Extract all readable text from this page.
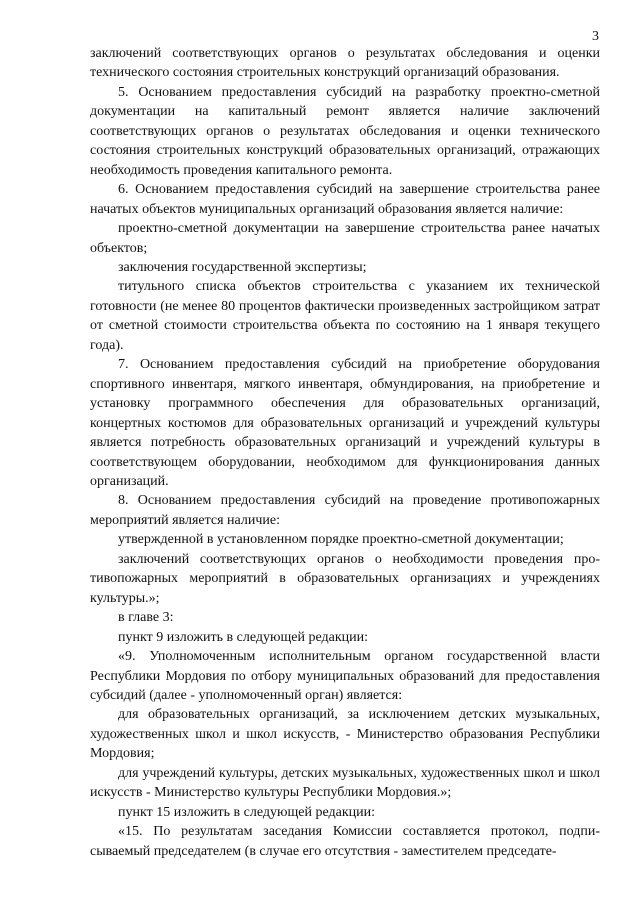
3

заключений соответствующих органов о результатах обследования и оценки технического состояния строительных конструкций организаций образования.

5. Основанием предоставления субсидий на разработку проектно-сметной документации на капитальный ремонт является наличие заключений соответствующих органов о результатах обследования и оценки технического состояния строительных конструкций образовательных организаций, отражающих необходимость проведения капитального ремонта.

6. Основанием предоставления субсидий на завершение строительства ранее начатых объектов муниципальных организаций образования является наличие:

проектно-сметной документации на завершение строительства ранее начатых объектов;

заключения государственной экспертизы;

титульного списка объектов строительства с указанием их технической готовности (не менее 80 процентов фактически произведенных застройщиком затрат от сметной стоимости строительства объекта по состоянию на 1 января текущего года).

7. Основанием предоставления субсидий на приобретение оборудования спортивного инвентаря, мягкого инвентаря, обмундирования, на приобретение и установку программного обеспечения для образовательных организаций, концертных костюмов для образовательных организаций и учреждений культуры является потребность образовательных организаций и учреждений культуры в соответствующем оборудовании, необходимом для функционирования данных организаций.

8. Основанием предоставления субсидий на проведение противопожарных мероприятий является наличие:

утвержденной в установленном порядке проектно-сметной документации;

заключений соответствующих органов о необходимости проведения противопожарных мероприятий в образовательных организациях и учреждениях культуры.»;

в главе 3:

пункт 9 изложить в следующей редакции:

«9. Уполномоченным исполнительным органом государственной власти Республики Мордовия по отбору муниципальных образований для предоставления субсидий (далее - уполномоченный орган) является:

для образовательных организаций, за исключением детских музыкальных, художественных школ и школ искусств, - Министерство образования Республики Мордовия;

для учреждений культуры, детских музыкальных, художественных школ и школ искусств - Министерство культуры Республики Мордовия.»;

пункт 15 изложить в следующей редакции:

«15. По результатам заседания Комиссии составляется протокол, подписываемый председателем (в случае его отсутствия - заместителем председате-
